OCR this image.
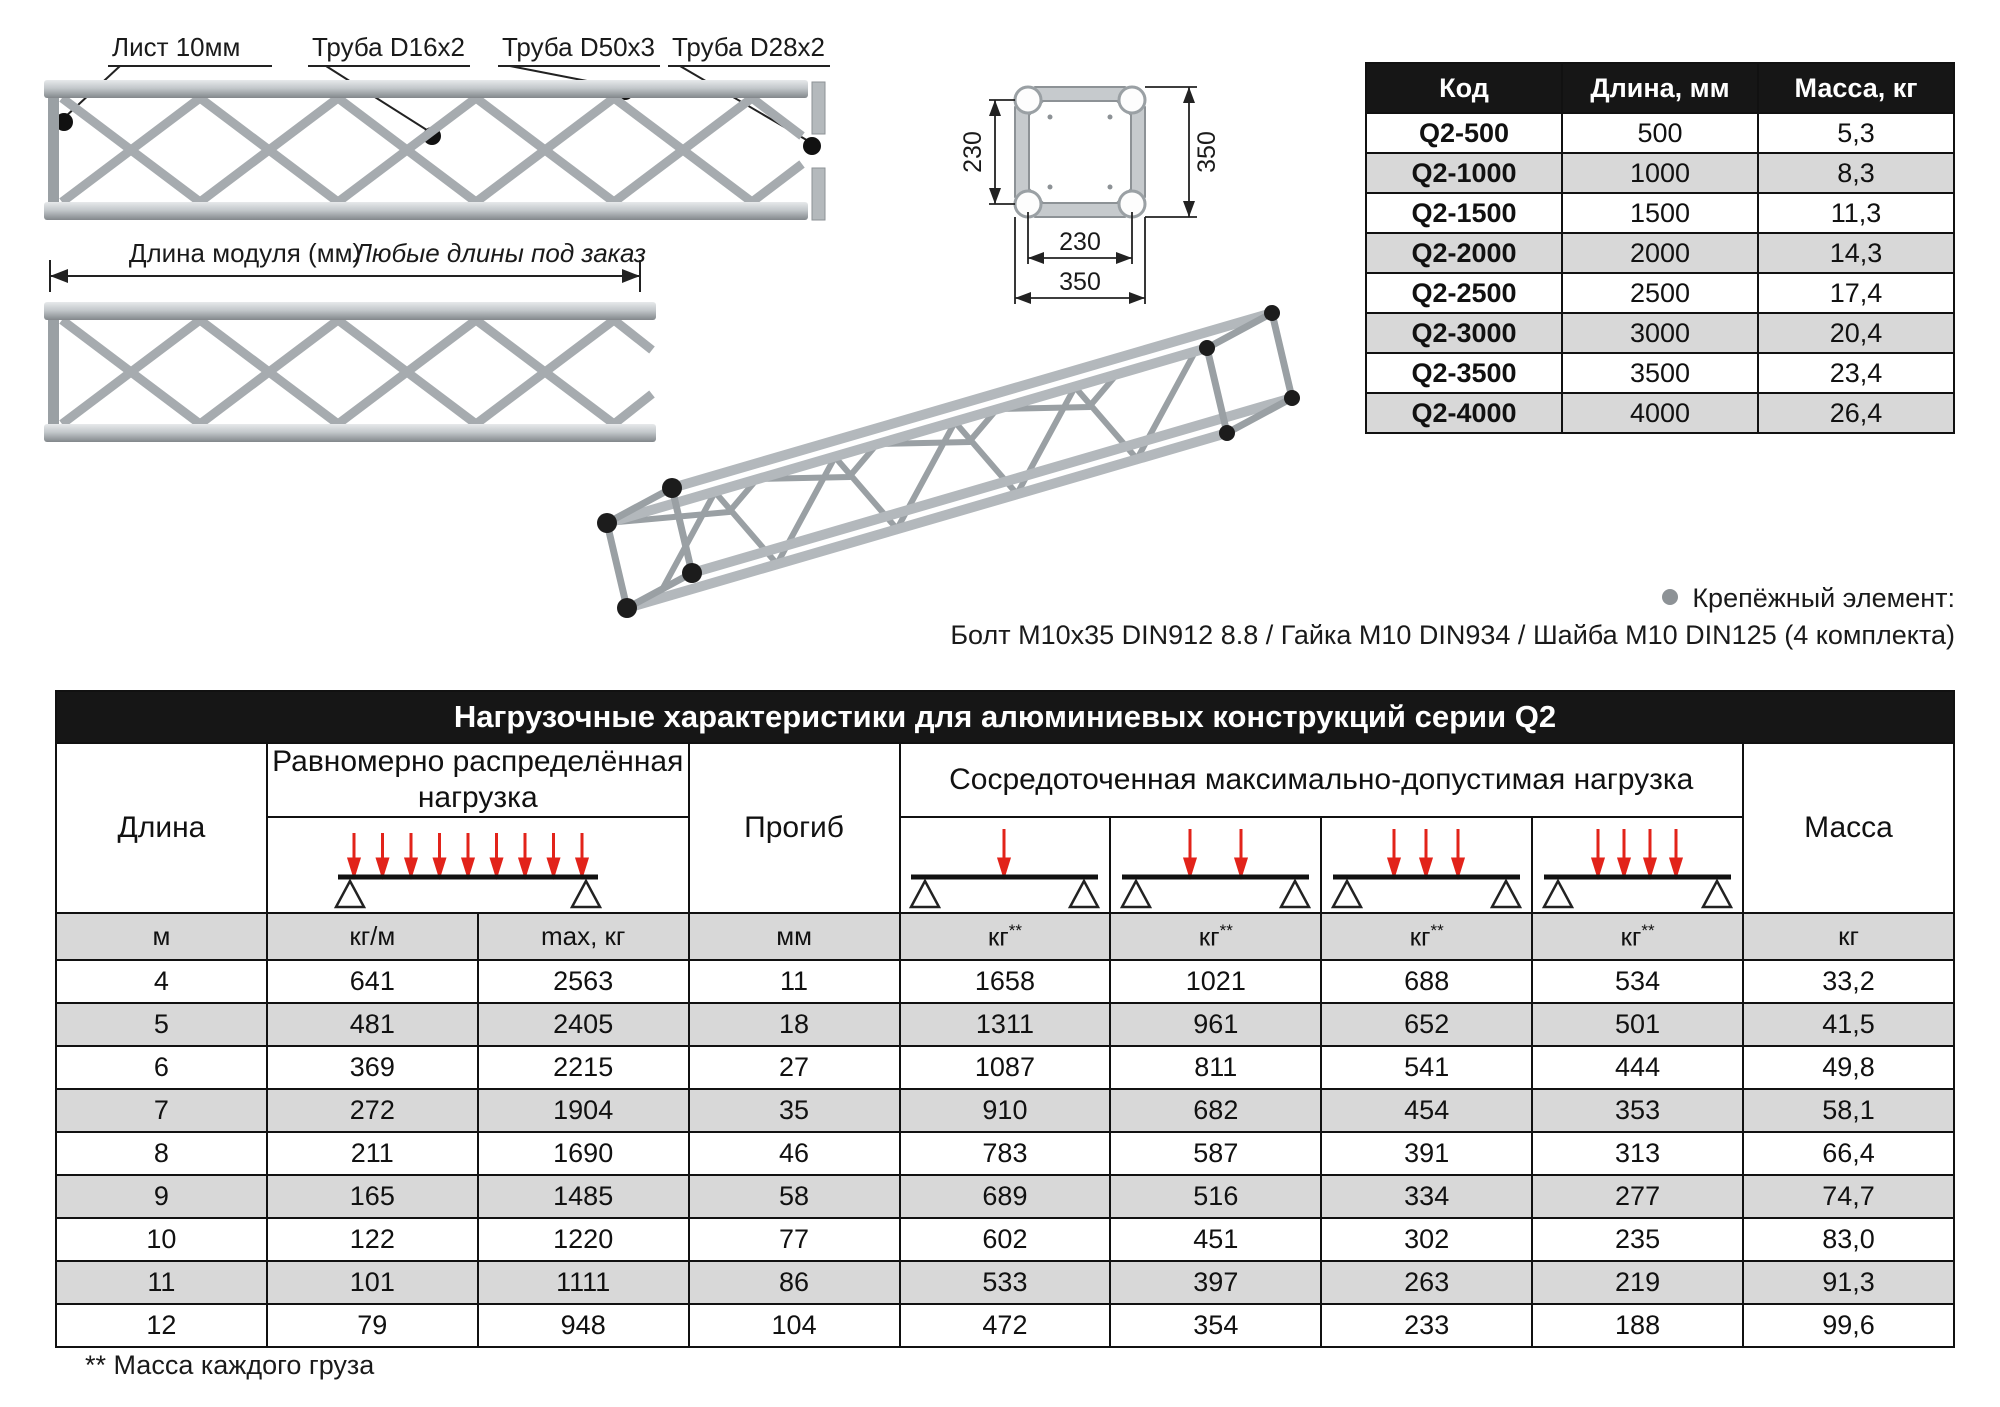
Лист 10мм	Труба D16x2 Труба D50x3 Труба D28x2
Длина модуля (мм)
Любые длины под заказ
230	350
230
350
Крепёжный элемент:
Болт M10x35 DIN912 8.8 / Гайка M10 DIN934 / Шайба M10 DIN125 (4 комплекта)
Код	Длина, мм	Масса, кг
Q2-500	500	5,3
Q2-1000	1000	8,3
Q2-1500	1500	11,3
Q2-2000	2000	14,3
Q2-2500	2500	17,4
Q2-3000	3000	20,4
Q2-3500	3500	23,4
Q2-4000	4000	26,4
Нагрузочные характеристики для алюминиевых конструкций серии Q2								
Длина	Равномерно распределённая нагрузка		Прогиб	Сосредоточенная максимально-допустимая нагрузка				Масса

м	кг/м	max, кг	мм	кг**	кг**	кг**	кг**	кг
4	641	2563	11	1658	1021	688	534	33,2
5	481	2405	18	1311	961	652	501	41,5
6	369	2215	27	1087	811	541	444	49,8
7	272	1904	35	910	682	454	353	58,1
8	211	1690	46	783	587	391	313	66,4
9	165	1485	58	689	516	334	277	74,7
10	122	1220	77	602	451	302	235	83,0
11	101	1111	86	533	397	263	219	91,3
12	79	948	104	472	354	233	188	99,6
** Масса каждого груза
